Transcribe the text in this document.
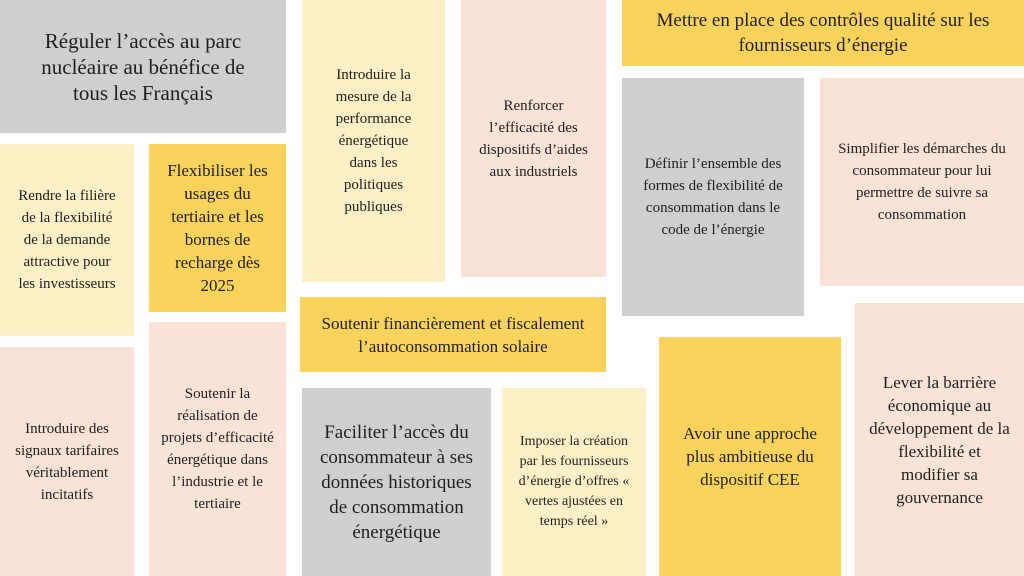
Réguler l’accès au parc nucléaire au bénéfice de tous les Français
Introduire la mesure de la performance énergétique dans les politiques publiques
Renforcer l’efficacité des dispositifs d’aides aux industriels
Mettre en place des contrôles qualité sur les fournisseurs d’énergie
Rendre la filière de la flexibilité de la demande attractive pour les investisseurs
Flexibiliser les usages du tertiaire et les bornes de recharge dès 2025
Définir l’ensemble des formes de flexibilité de consommation dans le code de l’énergie
Simplifier les démarches du consommateur pour lui permettre de suivre sa consommation
Soutenir financièrement et fiscalement l’autoconsommation solaire
Introduire des signaux tarifaires véritablement incitatifs
Soutenir la réalisation de projets d’efficacité énergétique dans l’industrie et le tertiaire
Faciliter l’accès du consommateur à ses données historiques de consommation énergétique
Imposer la création par les fournisseurs d’énergie d’offres « vertes ajustées en temps réel »
Avoir une approche plus ambitieuse du dispositif CEE
Lever la barrière économique au développement de la flexibilité et modifier sa gouvernance
